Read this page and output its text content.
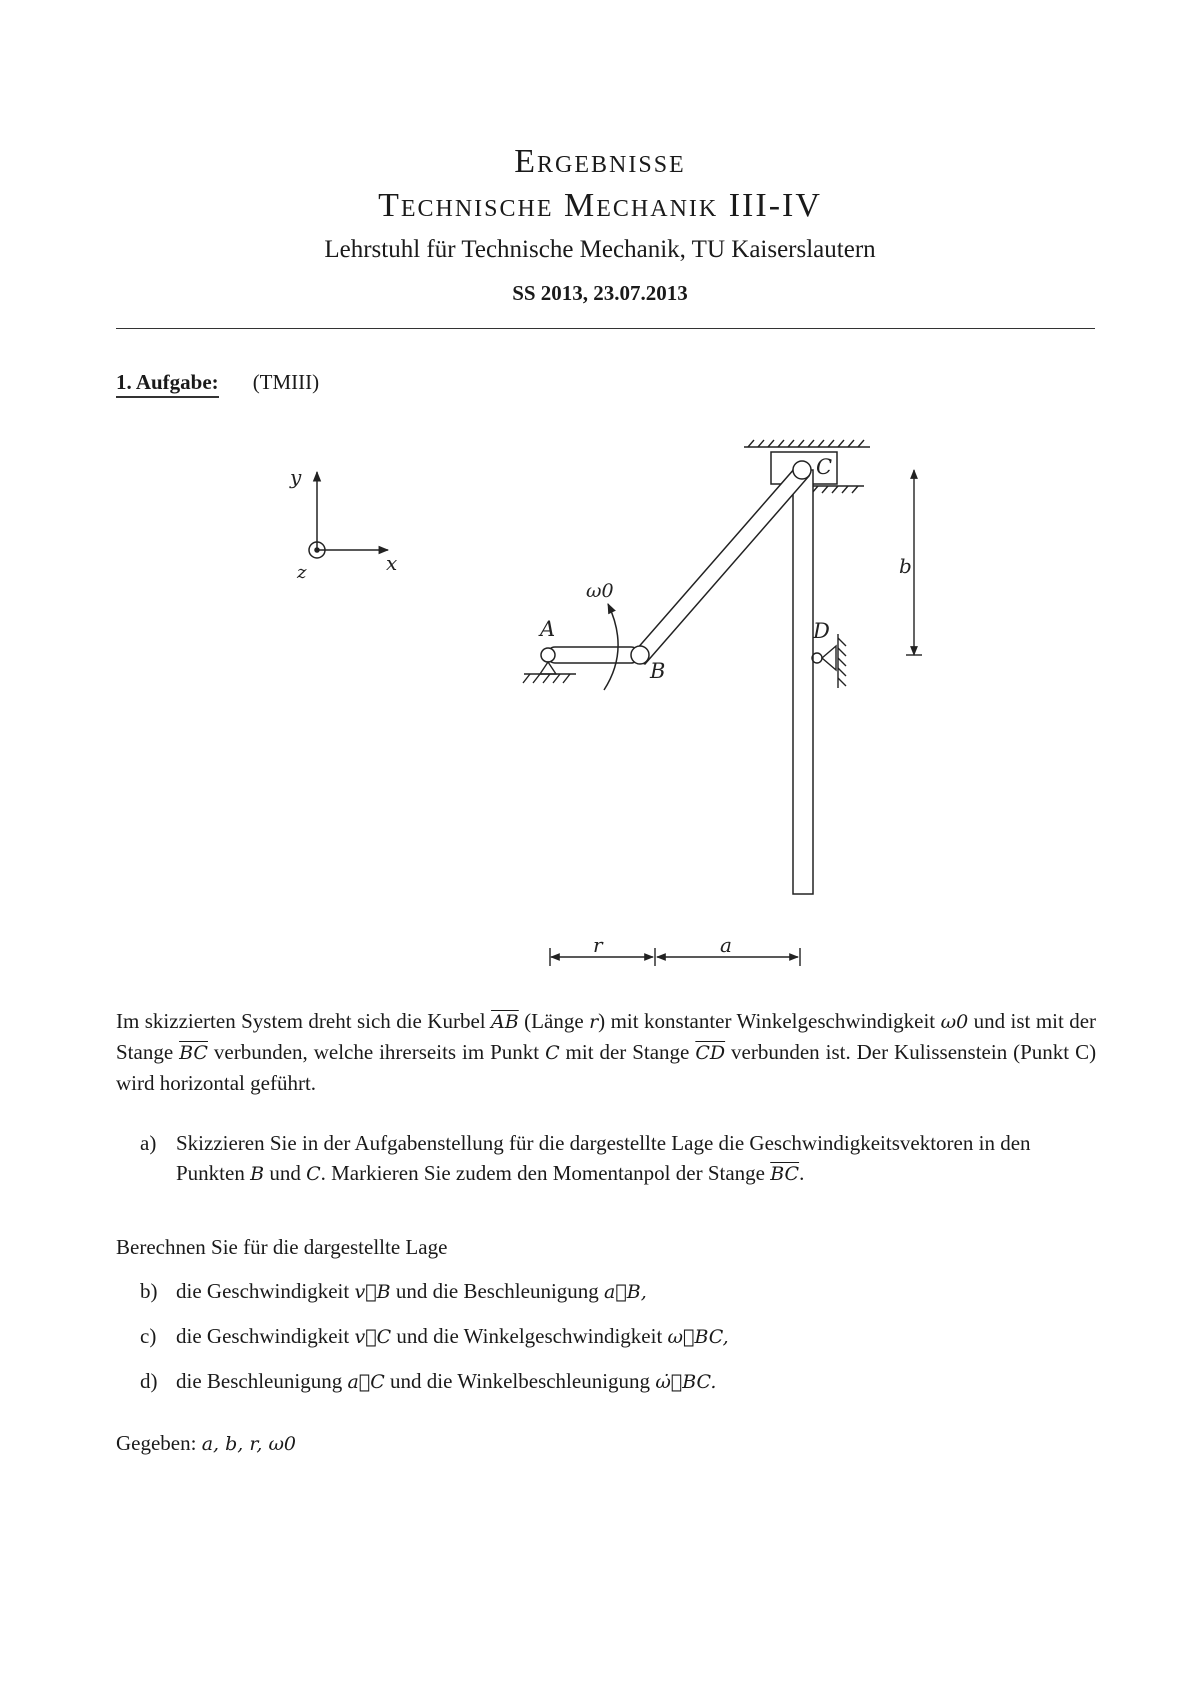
Ergebnisse
Technische Mechanik III-IV
Lehrstuhl für Technische Mechanik, TU Kaiserslautern
SS 2013, 23.07.2013
1. Aufgabe: (TMIII)
y
x
z
ω0
A
B
C
D
b
r	a
Im skizzierten System dreht sich die Kurbel $\overline{AB}$ (Länge r) mit konstanter Winkelgeschwindigkeit ω0 und ist mit der Stange $\overline{BC}$ verbunden, welche ihrerseits im Punkt C mit der Stange $\overline{CD}$ verbunden ist. Der Kulissenstein (Punkt C) wird horizontal geführt.
a) Skizzieren Sie in der Aufgabenstellung für die dargestellte Lage die Geschwindigkeitsvektoren in den Punkten B und C. Markieren Sie zudem den Momentanpol der Stange $\overline{BC}$.
Berechnen Sie für die dargestellte Lage
b) die Geschwindigkeit v⃗B und die Beschleunigung a⃗B,
c) die Geschwindigkeit v⃗C und die Winkelgeschwindigkeit ω⃗BC,
d) die Beschleunigung a⃗C und die Winkelbeschleunigung ω̇⃗BC.
Gegeben: a, b, r, ω0
